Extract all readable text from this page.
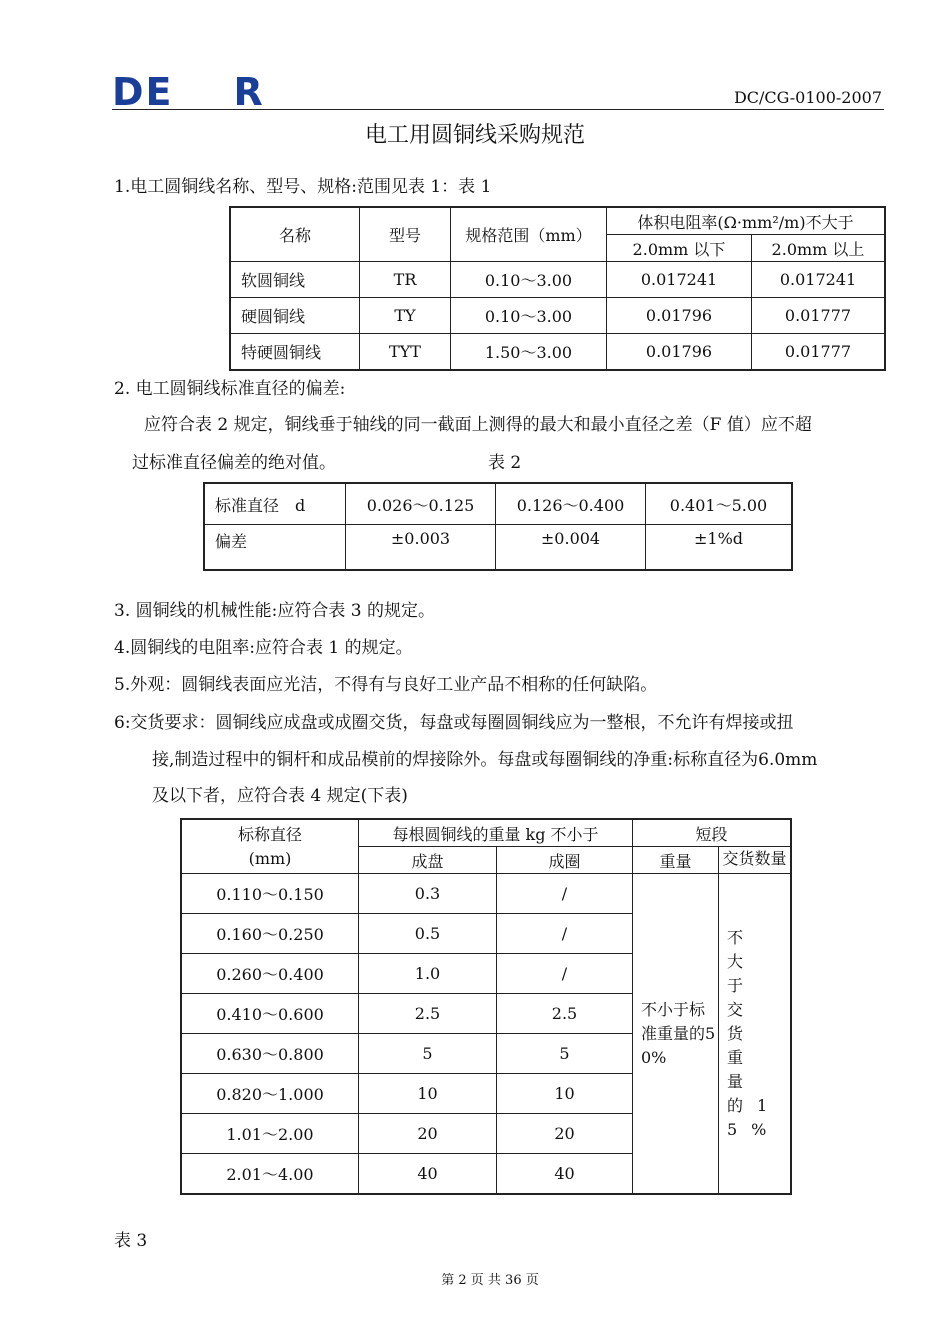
DE R	DC/CG-0100-2007
电工用圆铜线采购规范
1.电工圆铜线名称、型号、规格:范围见表 1：表 1
名称	型号	规格范围（mm）	体积电阻率(Ω·mm²/m)不大于	
			2.0mm 以下	2.0mm 以上
软圆铜线	TR	0.10～3.00	0.017241	0.017241
硬圆铜线	TY	0.10～3.00	0.01796	0.01777
特硬圆铜线	TYT	1.50～3.00	0.01796	0.01777
2. 电工圆铜线标准直径的偏差:
应符合表 2 规定，铜线垂于轴线的同一截面上测得的最大和最小直径之差（F 值）应不超
过标准直径偏差的绝对值。	表 2
标准直径　d	0.026～0.125	0.126～0.400	0.401～5.00
偏差	±0.003	±0.004	±1%d
3. 圆铜线的机械性能:应符合表 3 的规定。
4.圆铜线的电阻率:应符合表 1 的规定。
5.外观：圆铜线表面应光洁，不得有与良好工业产品不相称的任何缺陷。
6:交货要求：圆铜线应成盘或成圈交货，每盘或每圈圆铜线应为一整根，不允许有焊接或扭
接,制造过程中的铜杆和成品模前的焊接除外。每盘或每圈铜线的净重:标称直径为6.0mm
及以下者，应符合表 4 规定(下表)
标称直径
(mm)	每根圆铜线的重量 kg 不小于		短段	
	成盘	成圈	重量	交货数量
0.110～0.150	0.3	/	不小于标准重量的50%	不大于交货重量的15%
0.160～0.250	0.5	/		
0.260～0.400	1.0	/		
0.410～0.600	2.5	2.5		
0.630～0.800	5	5		
0.820～1.000	10	10		
1.01～2.00	20	20		
2.01～4.00	40	40		
表 3
第 2 页 共 36 页
